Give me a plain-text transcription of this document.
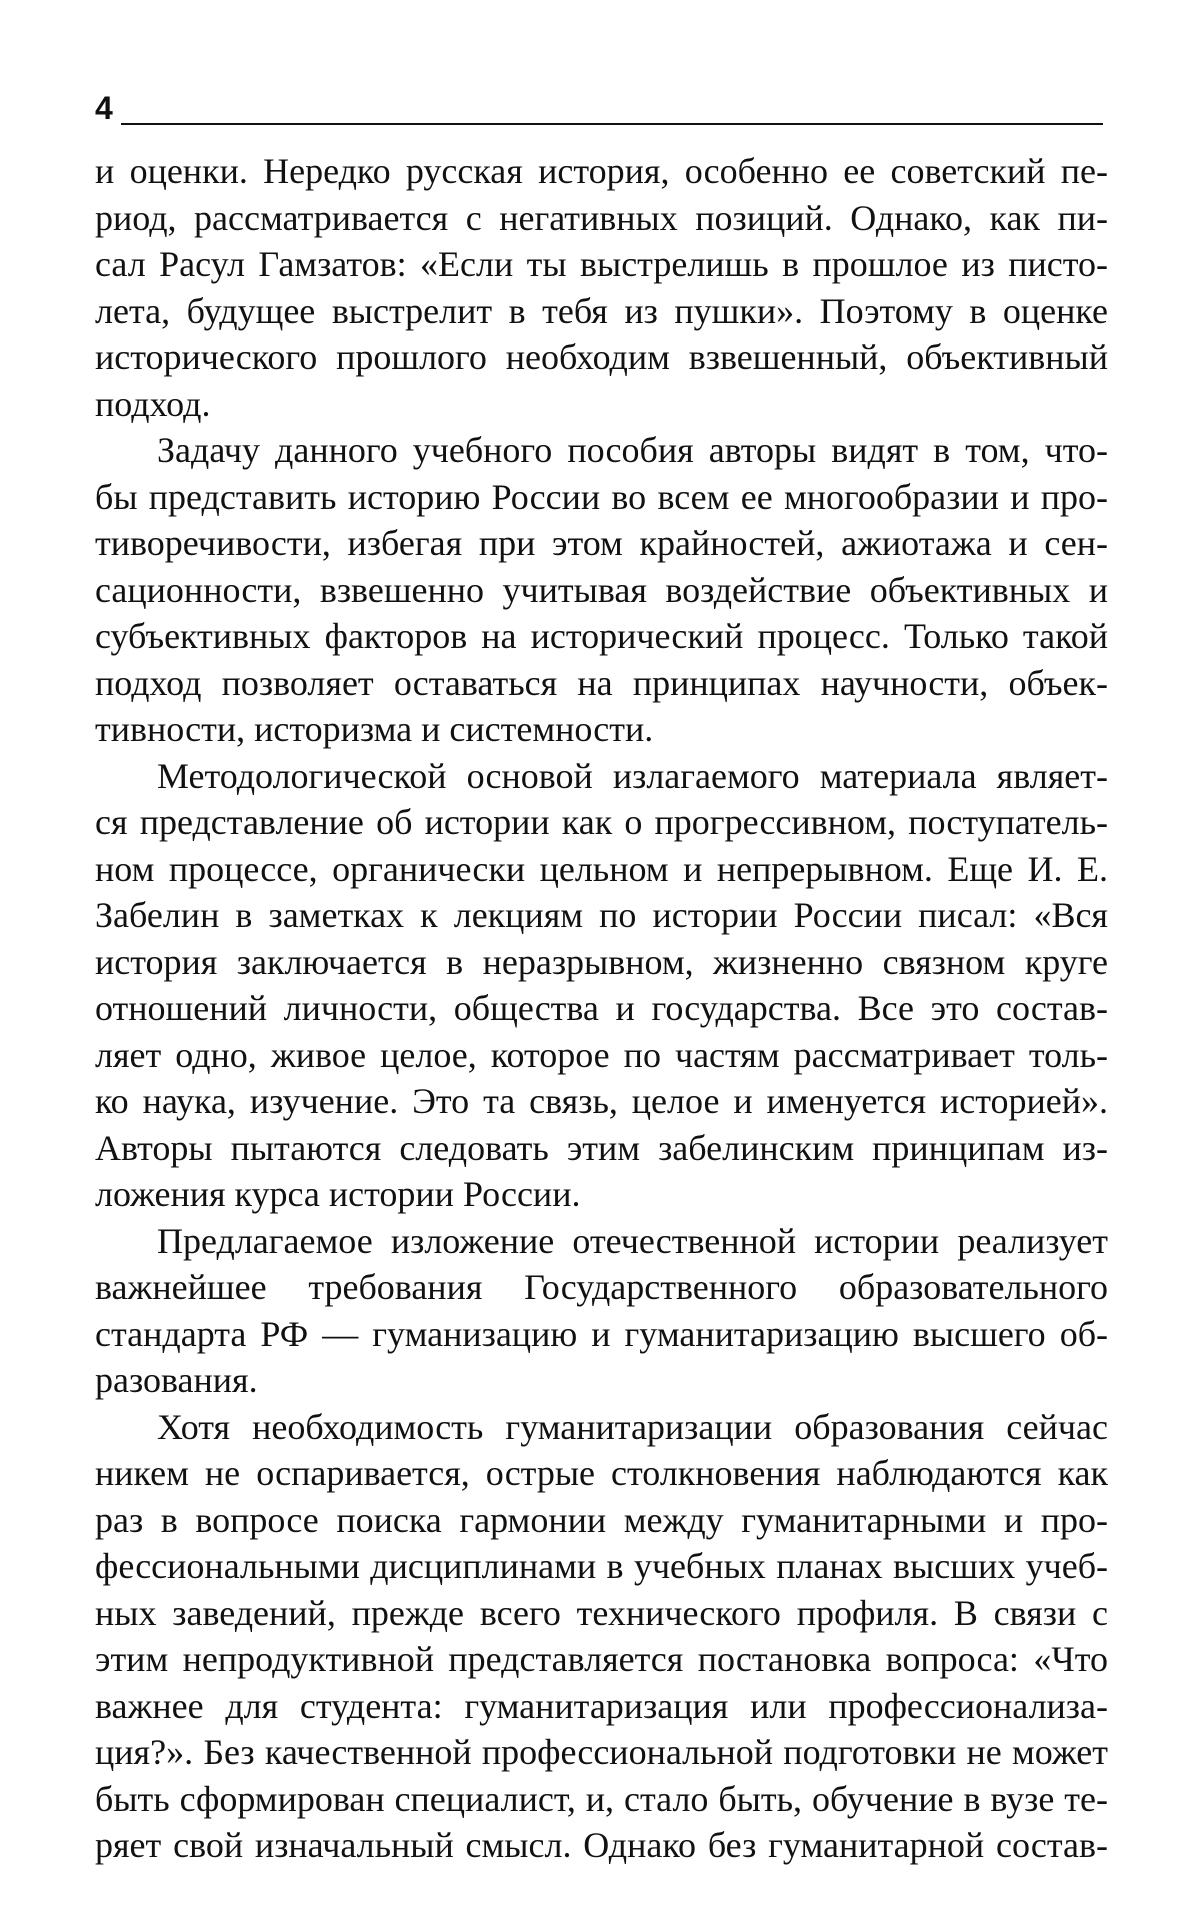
4
и оценки. Нередко русская история, особенно ее советский пе-
риод, рассматривается с негативных позиций. Однако, как пи-
сал Расул Гамзатов: «Если ты выстрелишь в прошлое из писто-
лета, будущее выстрелит в тебя из пушки». Поэтому в оценке
исторического прошлого необходим взвешенный, объективный
подход.
Задачу данного учебного пособия авторы видят в том, что-
бы представить историю России во всем ее многообразии и про-
тиворечивости, избегая при этом крайностей, ажиотажа и сен-
сационности, взвешенно учитывая воздействие объективных и
субъективных факторов на исторический процесс. Только такой
подход позволяет оставаться на принципах научности, объек-
тивности, историзма и системности.
Методологической основой излагаемого материала являет-
ся представление об истории как о прогрессивном, поступатель-
ном процессе, органически цельном и непрерывном. Еще И. Е.
Забелин в заметках к лекциям по истории России писал: «Вся
история заключается в неразрывном, жизненно связном круге
отношений личности, общества и государства. Все это состав-
ляет одно, живое целое, которое по частям рассматривает толь-
ко наука, изучение. Это та связь, целое и именуется историей».
Авторы пытаются следовать этим забелинским принципам из-
ложения курса истории России.
Предлагаемое изложение отечественной истории реализует
важнейшее требования Государственного образовательного
стандарта РФ — гуманизацию и гуманитаризацию высшего об-
разования.
Хотя необходимость гуманитаризации образования сейчас
никем не оспаривается, острые столкновения наблюдаются как
раз в вопросе поиска гармонии между гуманитарными и про-
фессиональными дисциплинами в учебных планах высших учеб-
ных заведений, прежде всего технического профиля. В связи с
этим непродуктивной представляется постановка вопроса: «Что
важнее для студента: гуманитаризация или профессионализа-
ция?». Без качественной профессиональной подготовки не может
быть сформирован специалист, и, стало быть, обучение в вузе те-
ряет свой изначальный смысл. Однако без гуманитарной состав-
